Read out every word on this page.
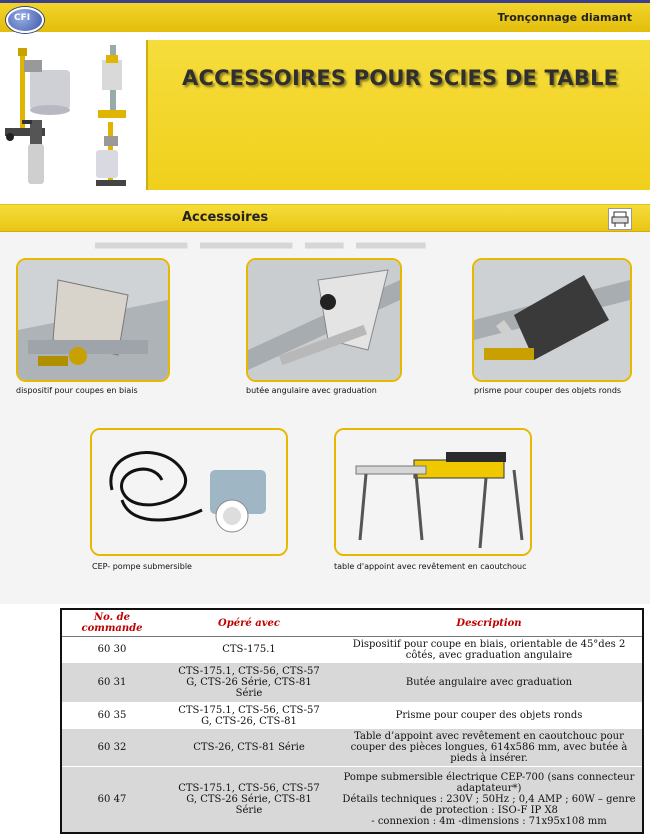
CFI	Tronçonnage diamant
ACCESSOIRES POUR SCIES DE TABLE
Accessoires
▄▄▄▄▄▄▄▄▄▄▄▄    ▄▄▄▄▄▄▄▄▄▄▄▄    ▄▄▄▄▄    ▄▄▄▄▄▄▄▄▄
dispositif pour coupes en biais	butée angulaire avec graduation	prisme pour couper des objets ronds
CEP- pompe submersible	table d'appoint avec revêtement en caoutchouc
No. de commande	Opéré avec	Description
60 30	CTS-175.1	Dispositif pour coupe en biais, orientable de 45°des 2 côtés, avec graduation angulaire
60 31	CTS-175.1, CTS-56, CTS-57 G, CTS-26 Série, CTS-81 Série	Butée angulaire avec graduation
60 35	CTS-175.1, CTS-56, CTS-57 G, CTS-26, CTS-81	Prisme pour couper des objets ronds
60 32	CTS-26, CTS-81 Série	Table d’appoint avec revêtement en caoutchouc pour couper des pièces longues, 614x586 mm, avec butée à pieds à insérer.
60 47	CTS-175.1, CTS-56, CTS-57 G, CTS-26 Série, CTS-81 Série	Pompe submersible électrique CEP-700 (sans connecteur adaptateur*)
Détails techniques : 230V ; 50Hz ; 0,4 AMP ; 60W – genre de protection : ISO-F IP X8
- connexion : 4m -dimensions : 71x95x108 mm
